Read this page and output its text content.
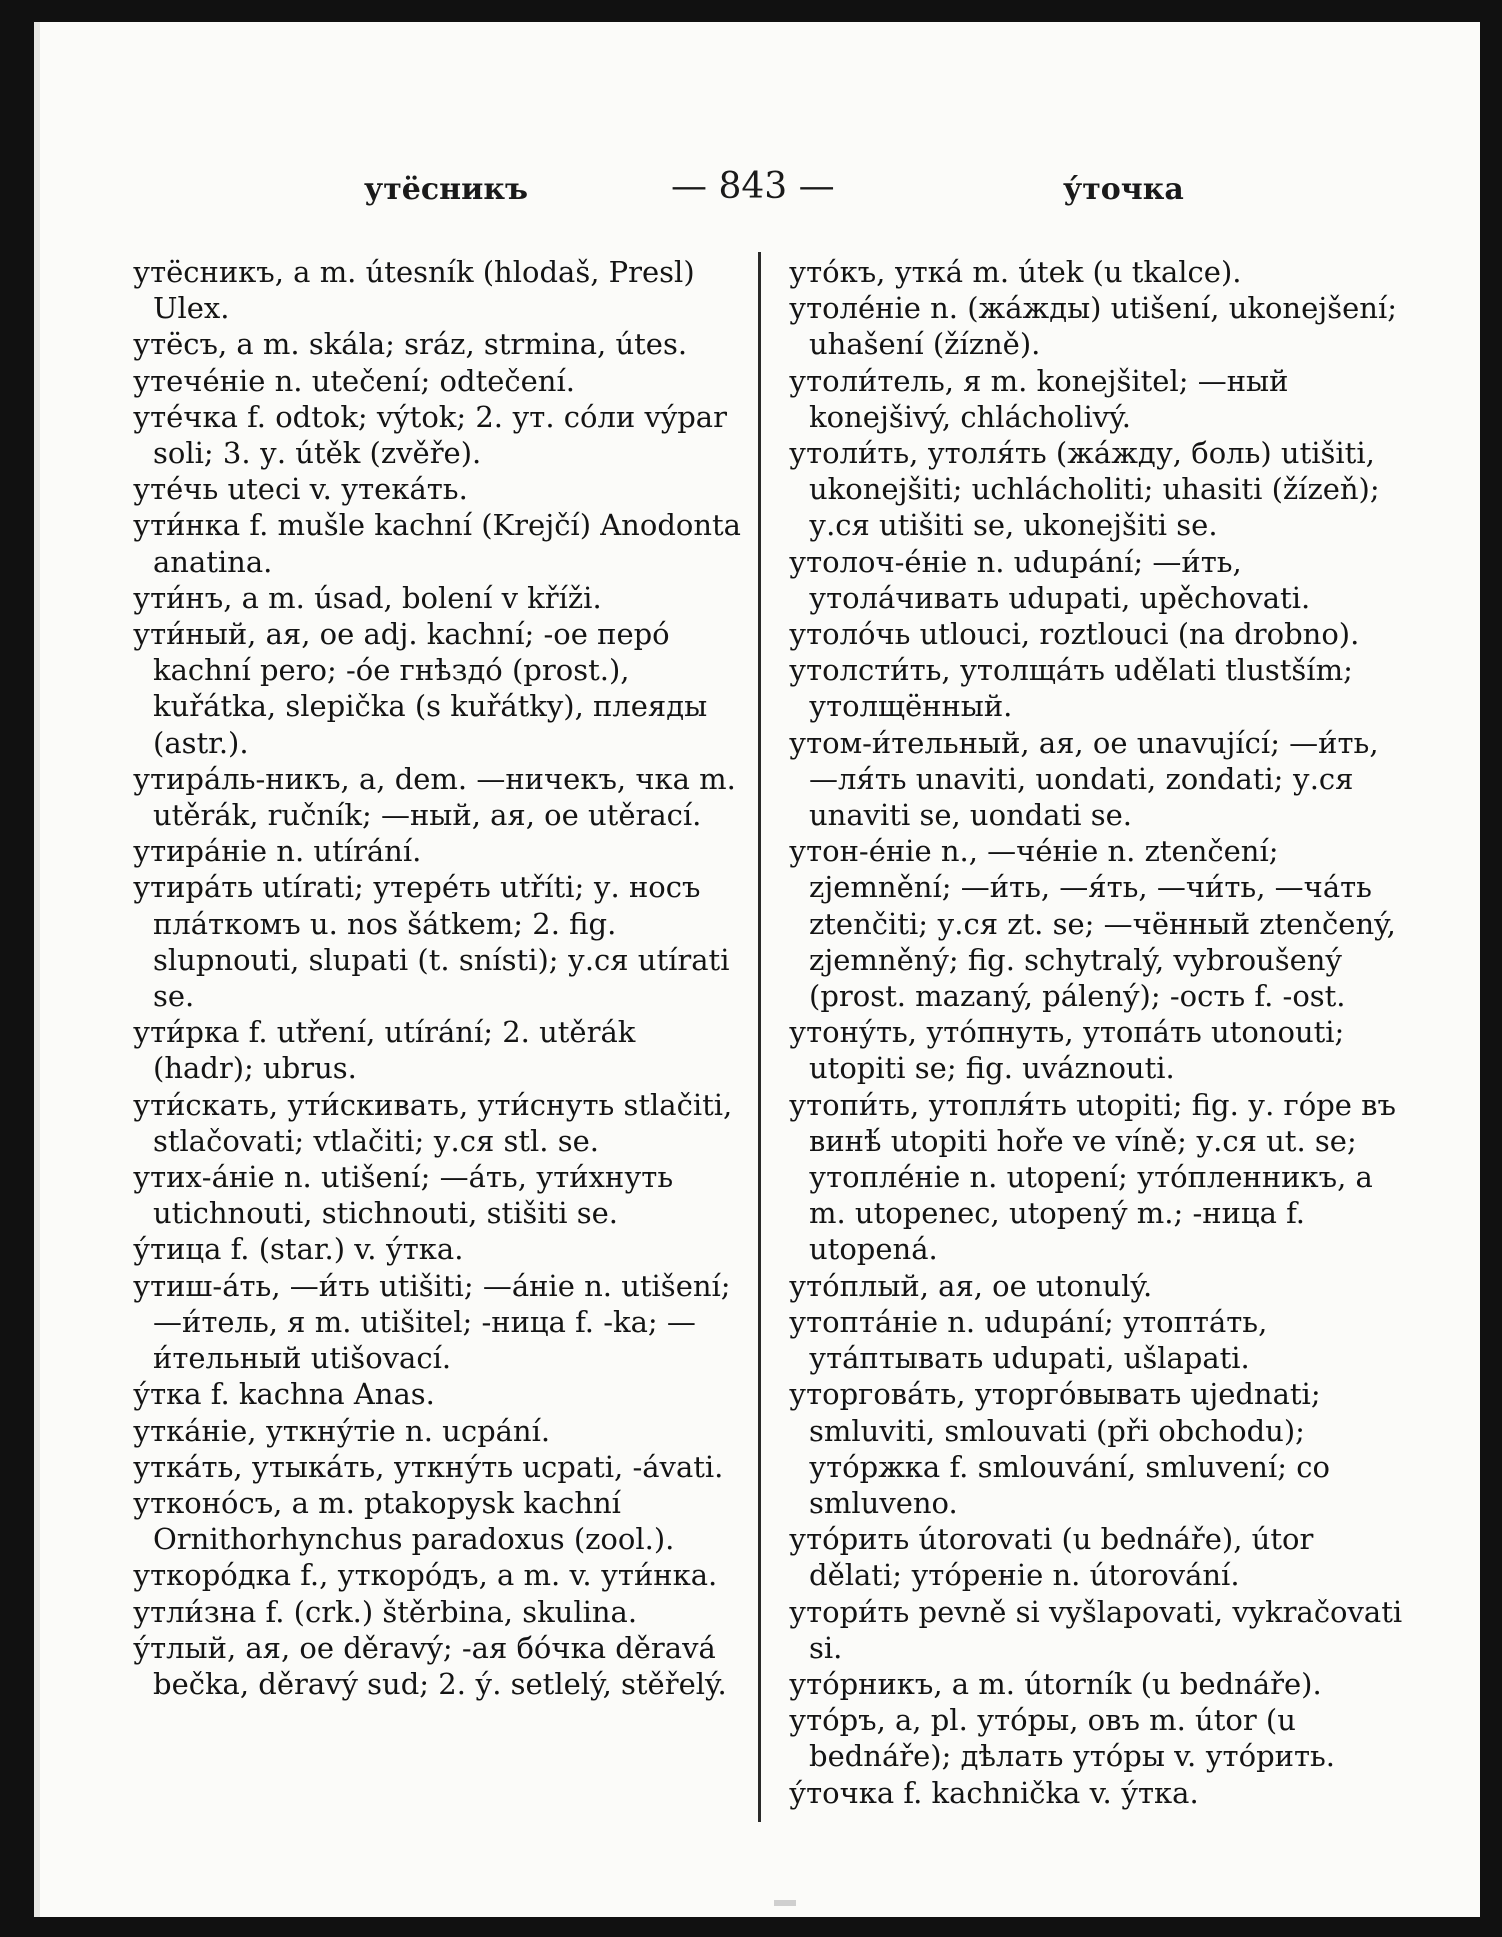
утёсникъ	— 843 —	у́точка

утёсникъ, а m. útesník (hlodaš, Presl) Ulex.

утёсъ, а m. skála; sráz, strmina, útes.

утечéніе n. utečení; odtečení.

утéчка f. odtok; výtok; 2. ут. сóли výpar soli; 3. у. útěk (zvěře).

утéчь uteci v. утекáть.

ути́нка f. mušle kachní (Krejčí) Anodonta anatina.

ути́нъ, а m. úsad, bolení v kříži.

ути́ный, ая, ое adj. kachní; -ое перó kachní pero; -óе гнѣздó (prost.), kuřátka, slepička (s kuřátky), плеяды (astr.).

утирáль-никъ, а, dem. —ничекъ, чка m. utěrák, ručník; —ный, ая, ое utěrací.

утирáніе n. utírání.

утирáть utírati; утерéть utříti; у. носъ плáткомъ u. nos šátkem; 2. fig. slupnouti, slupati (t. snísti); у.ся utírati se.

ути́рка f. utření, utírání; 2. utěrák (hadr); ubrus.

ути́скать, ути́скивать, ути́снуть stlačiti, stlačovati; vtlačiti; у.ся stl. se.

утих-áніе n. utišení; —áть, ути́хнуть utichnouti, stichnouti, stišiti se.

у́тица f. (star.) v. у́тка.

утиш-áть, —и́ть utišiti; —áніе n. utišení; —и́тель, я m. utišitel; -ница f. -ka; —и́тельный utišovací.

у́тка f. kachna Anas.

уткáніе, уткну́тіе n. ucpání.

уткáть, утыкáть, уткну́ть ucpati, -ávati.

утконóсъ, а m. ptakopysk kachní Ornithorhynchus paradoxus (zool.).

уткорóдка f., уткорóдъ, а m. v. ути́нка.

утли́зна f. (crk.) štěrbina, skulina.

у́тлый, ая, ое děravý; -ая бóчка děravá bečka, děravý sud; 2. у́. setlelý, stěřelý.

утóкъ, уткá m. útek (u tkalce).

утолéніе n. (жáжды) utišení, ukonejšení; uhašení (žízně).

утоли́тель, я m. konejšitel; —ный konejšivý, chlácholivý.

утоли́ть, утоля́ть (жáжду, боль) utišiti, ukonejšiti; uchlácholiti; uhasiti (žízeň); у.ся utišiti se, ukonejšiti se.

утолоч-éніе n. udupání; —и́ть, утолáчивать udupati, upěchovati.

утолóчь utlouci, roztlouci (na drobno).

утолсти́ть, утолщáть udělati tlustším; утолщённый.

утом-и́тельный, ая, ое unavující; —и́ть, —ля́ть unaviti, uondati, zondati; у.ся unaviti se, uondati se.

утон-éніе n., —чéніе n. ztenčení; zjemnění; —и́ть, —я́ть, —чи́ть, —чáть ztenčiti; у.ся zt. se; —чённый ztenčený, zjemněný; fig. schytralý, vybroušený (prost. mazaný, pálený); -ость f. -ost.

утону́ть, утóпнуть, утопáть utonouti; utopiti se; fig. uváznouti.

утопи́ть, утопля́ть utopiti; fig. у. гóре въ винѣ́ utopiti hoře ve víně; у.ся ut. se; утоплéніе n. utopení; утóпленникъ, а m. utopenec, utopený m.; -ница f. utopená.

утóплый, ая, ое utonulý.

утоптáніе n. udupání; утоптáть, утáптывать udupati, ušlapati.

уторговáть, уторгóвывать ujednati; smluviti, smlouvati (při obchodu); утóржка f. smlouvání, smluvení; co smluveno.

утóрить útorovati (u bednáře), útor dělati; утóреніе n. útorování.

утори́ть pevně si vyšlapovati, vykračovati si.

утóрникъ, а m. útorník (u bednáře).

утóръ, а, pl. утóры, овъ m. útor (u bednáře); дѣлать утóры v. утóрить.

у́точка f. kachnička v. у́тка.
